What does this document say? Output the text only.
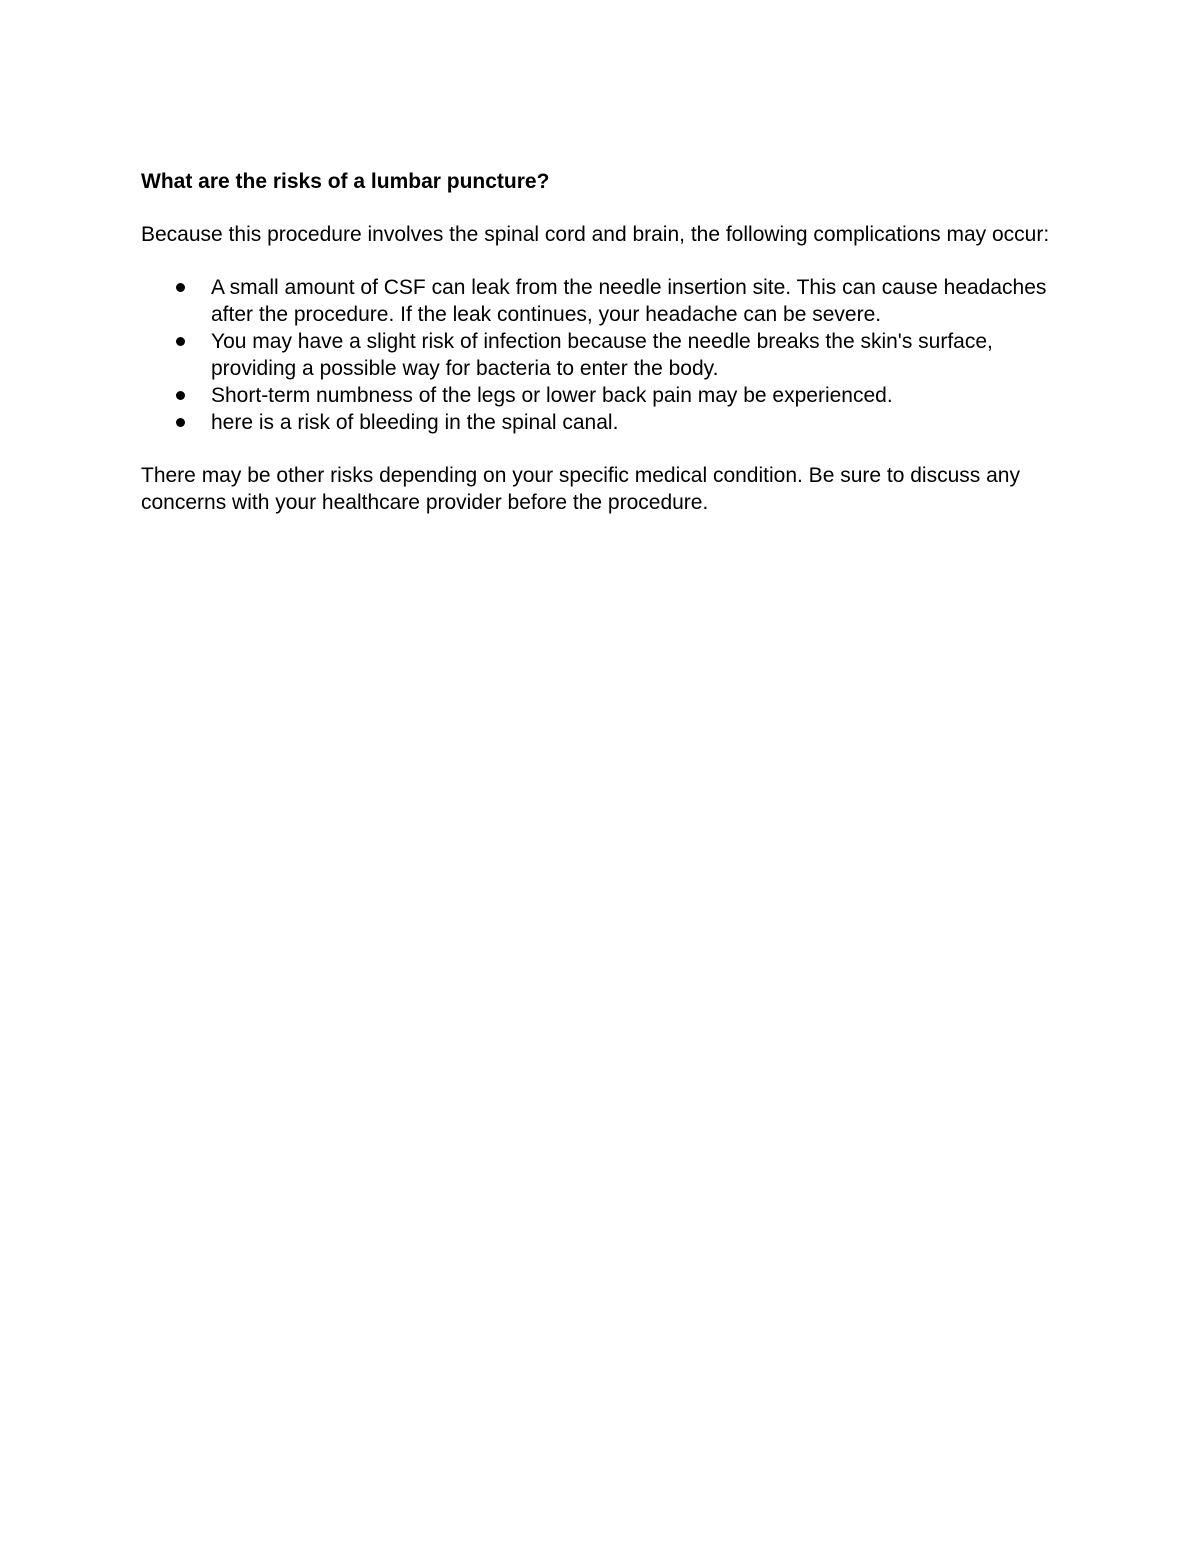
What are the risks of a lumbar puncture?

Because this procedure involves the spinal cord and brain, the following complications may occur:

A small amount of CSF can leak from the needle insertion site. This can cause headaches after the procedure. If the leak continues, your headache can be severe.
You may have a slight risk of infection because the needle breaks the skin's surface, providing a possible way for bacteria to enter the body.
Short-term numbness of the legs or lower back pain may be experienced.
here is a risk of bleeding in the spinal canal.

There may be other risks depending on your specific medical condition. Be sure to discuss any concerns with your healthcare provider before the procedure.
